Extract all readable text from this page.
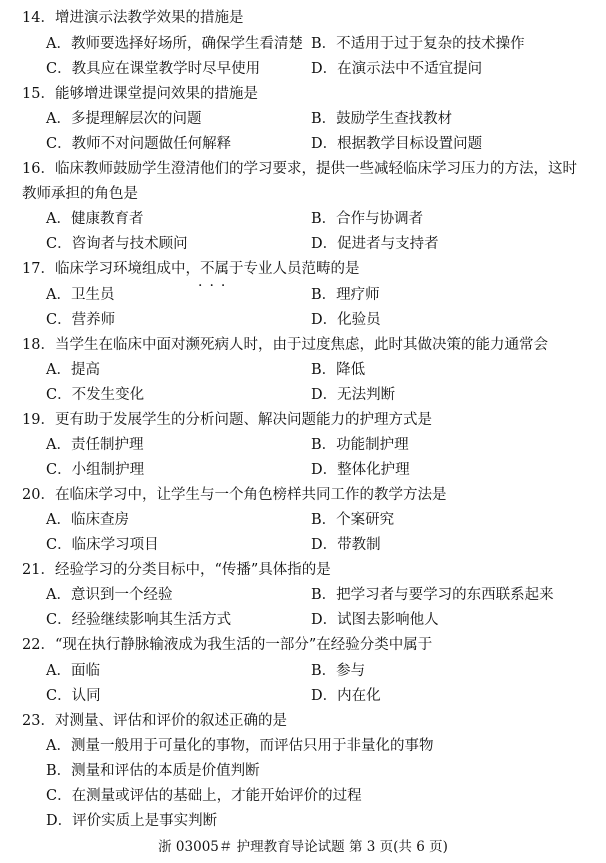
14．增进演示法教学效果的措施是
A．教师要选择好场所，确保学生看清楚 B．不适用于过于复杂的技术操作
C．教具应在课堂教学时尽早使用	D．在演示法中不适宜提问
15．能够增进课堂提问效果的措施是
A．多提理解层次的问题	B．鼓励学生查找教材
C．教师不对问题做任何解释	D．根据教学目标设置问题
16．临床教师鼓励学生澄清他们的学习要求，提供一些减轻临床学习压力的方法，这时教师承担的角色是
A．健康教育者	B．合作与协调者
C．咨询者与技术顾问	D．促进者与支持者
17．临床学习环境组成中，不属于专业人员范畴的是
···
A．卫生员	B．理疗师
C．营养师	D．化验员
18．当学生在临床中面对濒死病人时，由于过度焦虑，此时其做决策的能力通常会
A．提高	B．降低
C．不发生变化	D．无法判断
19．更有助于发展学生的分析问题、解决问题能力的护理方式是
A．责任制护理	B．功能制护理
C．小组制护理	D．整体化护理
20．在临床学习中，让学生与一个角色榜样共同工作的教学方法是
A．临床查房	B．个案研究
C．临床学习项目	D．带教制
21．经验学习的分类目标中，“传播”具体指的是
A．意识到一个经验	B．把学习者与要学习的东西联系起来
C．经验继续影响其生活方式	D．试图去影响他人
22．“现在执行静脉输液成为我生活的一部分”在经验分类中属于
A．面临	B．参与
C．认同	D．内在化
23．对测量、评估和评价的叙述正确的是
A．测量一般用于可量化的事物，而评估只用于非量化的事物
B．测量和评估的本质是价值判断
C．在测量或评估的基础上，才能开始评价的过程
D．评价实质上是事实判断
浙 03005＃ 护理教育导论试题 第 3 页(共 6 页)
